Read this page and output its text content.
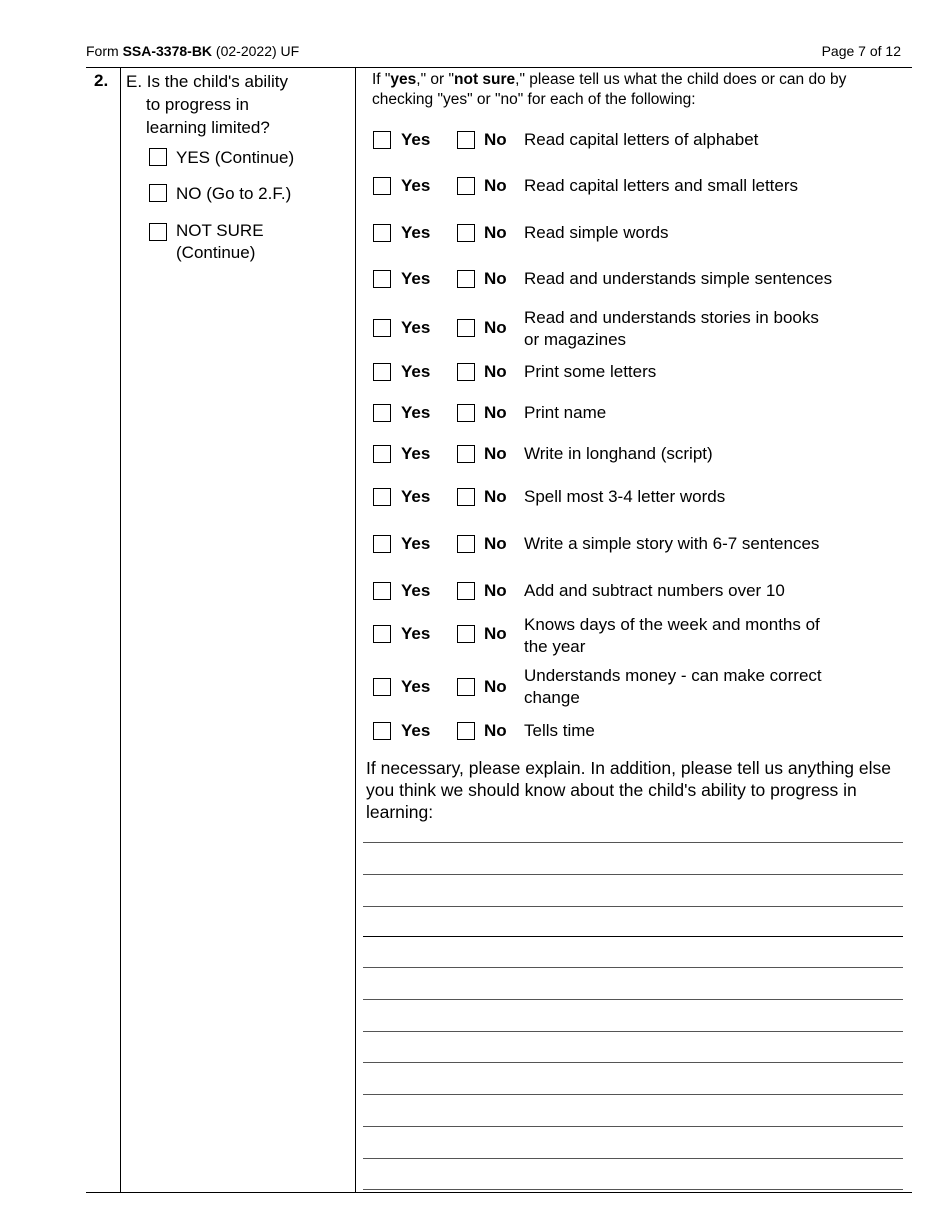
Form SSA-3378-BK (02-2022) UF	Page 7 of 12
2. E. Is the child's ability
to progress in
learning limited?
YES (Continue)
NO (Go to 2.F.)
NOT SURE
(Continue)
If "yes," or "not sure," please tell us what the child does or can do by checking "yes" or "no" for each of the following:
Yes	No Read capital letters of alphabet
Yes	No Read capital letters and small letters
Yes	No Read simple words
Yes	No Read and understands simple sentences
Yes	No
Read and understands stories in books
or magazines
Yes	No Print some letters
Yes	No Print name
Yes	No Write in longhand (script)
Yes	No Spell most 3-4 letter words
Yes	No Write a simple story with 6-7 sentences
Yes	No Add and subtract numbers over 10
Yes	No Knows days of the week and months of
the year
Yes	No
Understands money - can make correct
change
Yes	No Tells time
If necessary, please explain. In addition, please tell us anything else you think we should know about the child's ability to progress in learning:
